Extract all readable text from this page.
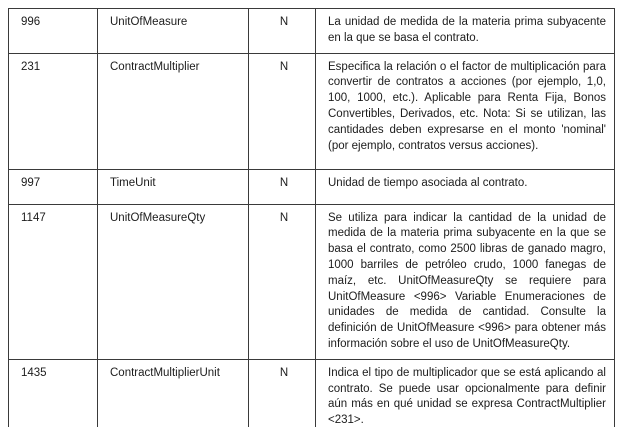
996	UnitOfMeasure	N	La unidad de medida de la materia prima subyacente en la que se basa el contrato.
231	ContractMultiplier	N	Especifica la relación o el factor de multiplicación para convertir de contratos a acciones (por ejemplo, 1,0, 100, 1000, etc.). Aplicable para Renta Fija, Bonos Convertibles, Derivados, etc. Nota: Si se utilizan, las cantidades deben expresarse en el monto 'nominal' (por ejemplo, contratos versus acciones).
997	TimeUnit	N	Unidad de tiempo asociada al contrato.
1147	UnitOfMeasureQty	N	Se utiliza para indicar la cantidad de la unidad de medida de la materia prima subyacente en la que se basa el contrato, como 2500 libras de ganado magro, 1000 barriles de petróleo crudo, 1000 fanegas de maíz, etc. UnitOfMeasureQty se requiere para UnitOfMeasure <996> Variable Enumeraciones de unidades de medida de cantidad. Consulte la definición de UnitOfMeasure <996> para obtener más información sobre el uso de UnitOfMeasureQty.
1435	ContractMultiplierUnit	N	Indica el tipo de multiplicador que se está aplicando al contrato. Se puede usar opcionalmente para definir aún más en qué unidad se expresa ContractMultiplier <231>.
